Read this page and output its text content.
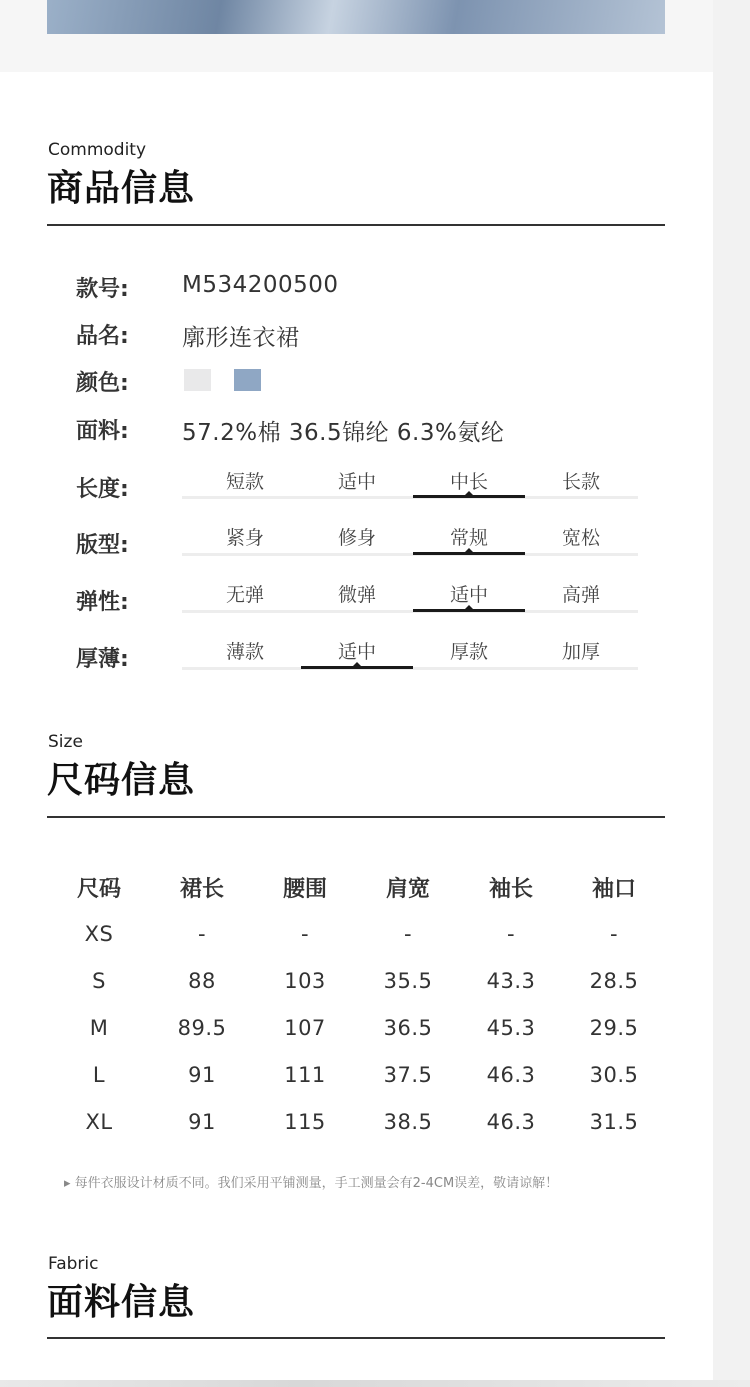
Commodity
商品信息
款号: M534200500
品名: 廓形连衣裙
颜色:
面料: 57.2%棉 36.5锦纶 6.3%氨纶
长度:	短款	适中	中长	长款
版型:	紧身	修身	常规	宽松
弹性:	无弹	微弹	适中	高弹
厚薄:	薄款	适中	厚款	加厚
Size
尺码信息
尺码	裙长	腰围	肩宽	袖长	袖口
XS	-	-	-	-	-
S	88	103	35.5	43.3	28.5
M	89.5	107	36.5	45.3	29.5
L	91	111	37.5	46.3	30.5
XL	91	115	38.5	46.3	31.5
▸ 每件衣服设计材质不同。我们采用平铺测量，手工测量会有2-4CM误差，敬请谅解！
Fabric
面料信息
